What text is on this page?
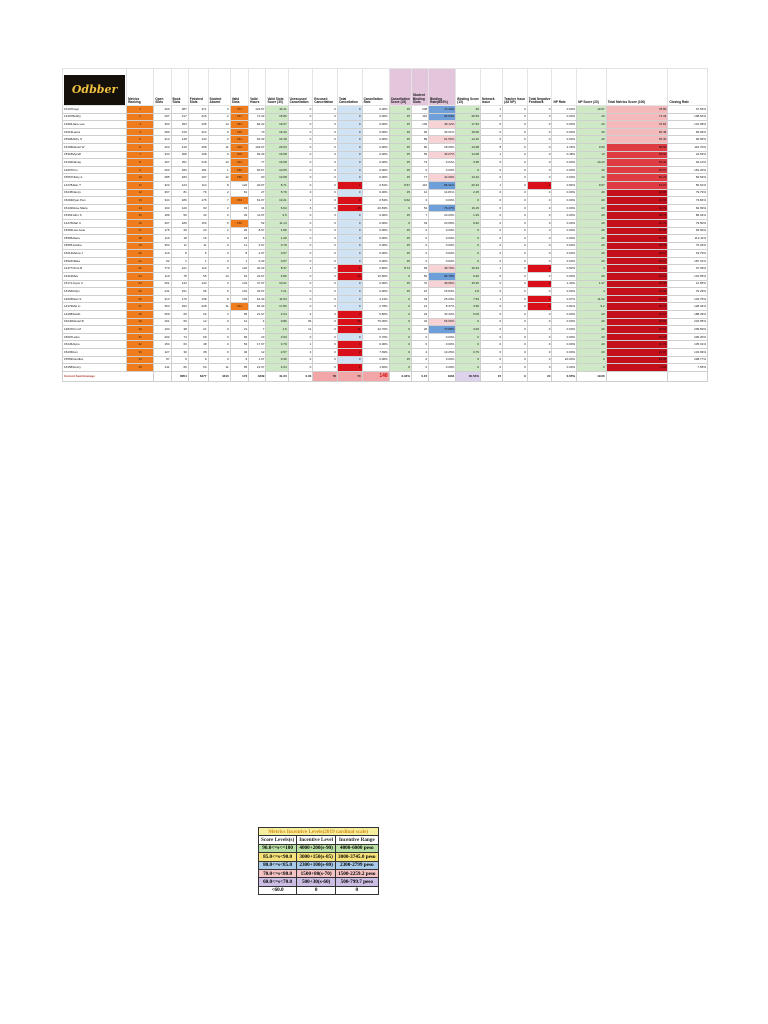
Odbber	Metrics Ranking	Open Slots	Book Slots	Finished Slots	Student Absent	Valid Slots	Valid Hours	Valid Slots Score (30)	Unexcused Cancellation	Excused Cancellation	Total Cancellation	Cancellation Rate	Cancellation Score (15)	Student Binding Slots	Binding Rate(B03%)	Binding Score (15)	Network Issue	Teacher Issue (All NP)	Total Negative Feedback	NP Rate	NP Score (20)	Total Metrics Score (100)	Closing Rate
10107Faye	1	400	387	371	3	371	123.67	30.11	0	0	0	0.00%	15	248	76.49%	30	1	0	0	0.00%	13.67	78.80	97.53%
14407Bobby	2	297	217	215	2	217	72.33	15.86	0	0	0	0.00%	15	110	94.94%	20.53	0	0	0	0.00%	20	71.33	108.52%
14994Jane Lee	3	303	253	235	14	251	84.23	19.07	0	0	0	0.00%	15	102	48.12%	17.63	0	0	0	0.00%	20	70.81	101.08%
15219Laura	4	280	219	213	6	219	73	16.43	0	0	0	0.00%	15	66	36.61%	15.06	0	0	0	0.00%	20	66.48	83.99%
15908Abby S	5	313	148	143	2	181	60.33	16.18	0	0	0	0.00%	15	89	61.56%	14.16	0	0	0	0.00%	20	65.30	90.65%
15196Daniel W	6	423	419	408	11	419	139.67	29.03	0	0	0	0.00%	15	60	18.09%	14.08	8	0	0	2.15%	0.53	58.56	116.70%
15318Mycelf	7	333	208	198	9	203	69.33	16.68	0	0	0	0.00%	15	65	46.07%	14.08	1	0	0	0.48%	13	58.56	24.53%
15193Nanay	8	407	251	218	13	231	77	16.08	0	0	0	0.00%	15	73	9.02%	3.38	0	0	0	0.00%	14.23	56.30	92.10%
14607Kim	9	263	182	181	1	182	60.67	13.05	0	0	0	0.00%	15	0	0.00%	0	0	0	0	0.00%	20	50.57	181.20%
15567Nicky A	10	285	183	167	12	180	60	13.68	0	0	0	0.00%	15	77	42.09%	13.43	0	0	0	0.00%	20	50.23	84.53%
14478Alan T	11	323	123	114	8	122	40.67	8.71	0	0	2	0.81%	8.67	110	86.31%	20.34	1	0	1	0.82%	9.67	51.97	56.91%
15245Nancy	12	367	81	79	2	81	27	5.79	0	0	0	0.00%	15	12	14.81%	2.15	0	0	0	0.00%	20	42.95	79.79%
15294Ryan Pan	13	344	186	176	7	153	61.67	13.21	1	0	1	0.54%	9.62	0	0.00%	0	0	0	0	0.00%	20	42.83	73.84%
15132Rose Marie	14	163	120	93	2	93	31	6.64	6	9	15	20.83%	0	54	76.47%	16.15	0	0	0	0.00%	20	42.79	60.69%
15452John S	15	189	50	33	0	33	11.67	2.5	0	0	0	0.00%	15	7	20.00%	1.23	0	0	0	0.00%	20	38.75	86.04%
14476Mari C	16	497	180	153	5	156	52	11.14	0	0	0	0.00%	0	33	20.68%	6.62	0	0	0	0.00%	20	37.76	79.50%
15393Lisa Jane	17	175	29	24	2	26	8.67	1.86	0	0	0	0.00%	15	0	0.00%	0	0	0	0	0.00%	20	36.86	93.60%
15595Alane	18	110	18	16	0	18	6	1.29	0	0	0	0.00%	15	0	0.00%	0	0	0	0	0.00%	20	36.29	112.11%
15565Justine	19	353	11	11	0	11	3.67	0.79	0	0	0	0.00%	15	0	0.00%	0	0	0	0	0.00%	20	35.79	76.03%
15214Meina J	20	110	8	6	0	8	2.67	0.57	0	0	0	0.00%	15	0	0.00%	0	0	0	0	0.00%	20	35.57	19.79%
15524Nikka	21	92	1	1	0	1	0.33	0.07	0	0	0	0.00%	15	0	0.00%	0	0	0	0	0.00%	20	35.07	187.31%
14477Chris R	22	770	121	112	6	122	40.33	8.37	1	0	1	0.80%	8.74	69	48.70%	16.33	1	0	1	0.82%	4	37.63	97.39%
15419Max	23	110	78	56	13	64	22.67	4.86	0	0	10	10.50%	0	50	86.78%	9.26	0	0	0	0.00%	20	34.12	101.55%
15171Joyce C	24	201	144	143	0	143	47.67	10.21	0	0	0	0.00%	15	70	48.95%	15.25	0	0	2	1.40%	1.27	32.35	12.55%
15154Kitlyn	25	241	151	96	6	101	33.67	7.21	0	0	0	0.00%	15	16	15.84%	2.8	0	0	0	0.00%	4	31.09	76.29%
14626Dian S	26	313	170	138	8	103	64.33	11.54	0	0	0	4.13%	0	43	25.29%	7.53	1	0	1	0.67%	11.62	30.09	134.76%
14479Mei Li	27	363	293	228	11	251	83.33	17.86	0	0	0	2.78%	0	21	8.37%	3.66	0	0	1	0.81%	9.2	30.72	128.34%
14298Sarah	28	259	69	62	3	65	21.67	4.64	2	0	2	5.80%	0	23	33.33%	6.03	0	0	0	0.00%	20	30.67	188.39%
15240Daniel B	29	161	60	12	0	12	4	0.86	36	0	36	75.00%	0	34	66.66%	0	0	0	0	0.00%	20	30.66	232.55%
14847Kim M	30	193	38	21	0	21	7	1.5	11	0	11	42.70%	0	26	73.88%	4.03	0	0	0	0.00%	20	25.53	209.59%
15097Leiko	31	202	74	69	0	69	23	4.93	0	0	0	6.76%	0	0	0.00%	0	0	0	0	0.00%	20	24.93	206.20%
15246Alyce	32	154	63	48	0	53	17.67	3.79	1	0	1	0.00%	0	0	0.00%	0	0	0	0	0.00%	20	22.79	135.01%
15236Ken	33	127	39	38	0	40	12	2.57	2	0	2	7.69%	0	4	10.26%	0.79	0	0	0	0.00%	20	22.67	134.99%
15559Candice	34	87	9	9	0	9	1.67	0.36	0	0	0	0.00%	15	0	0.00%	0	0	0	0	20.00%	0	15.36	208.77%
15158Sonny	35	411	66	64	11	65	21.67	4.64	0	0	1	1.50%	0	0	0.00%	0	0	0	0	0.00%	0	4.64	7.55%
Current Sum/Average			8054	6477	4310	173	4339	41.23	0.03	78	70	148	3.42%	0.15	1964	30.50%	15	9	24	0.05%	19.60		
Metrics Incentive Levels(2019 cardinal scale)		
Score Levels(s)	Incentive Level	Incentive Range
90.0<=s<=100	4000+200(s-90)	4000-6000 peso
85.0<=s<90.0	3000+150(s-85)	3000-3745.0 peso
80.0<=s<85.0	2300+100(s-80)	2300-2799 peso
70.0<=s<80.0	1500+80(s-70)	1500-2259.2 peso
60.0<=s<70.0	500+30(s-60)	500-799.7 peso
<60.0	0	0
